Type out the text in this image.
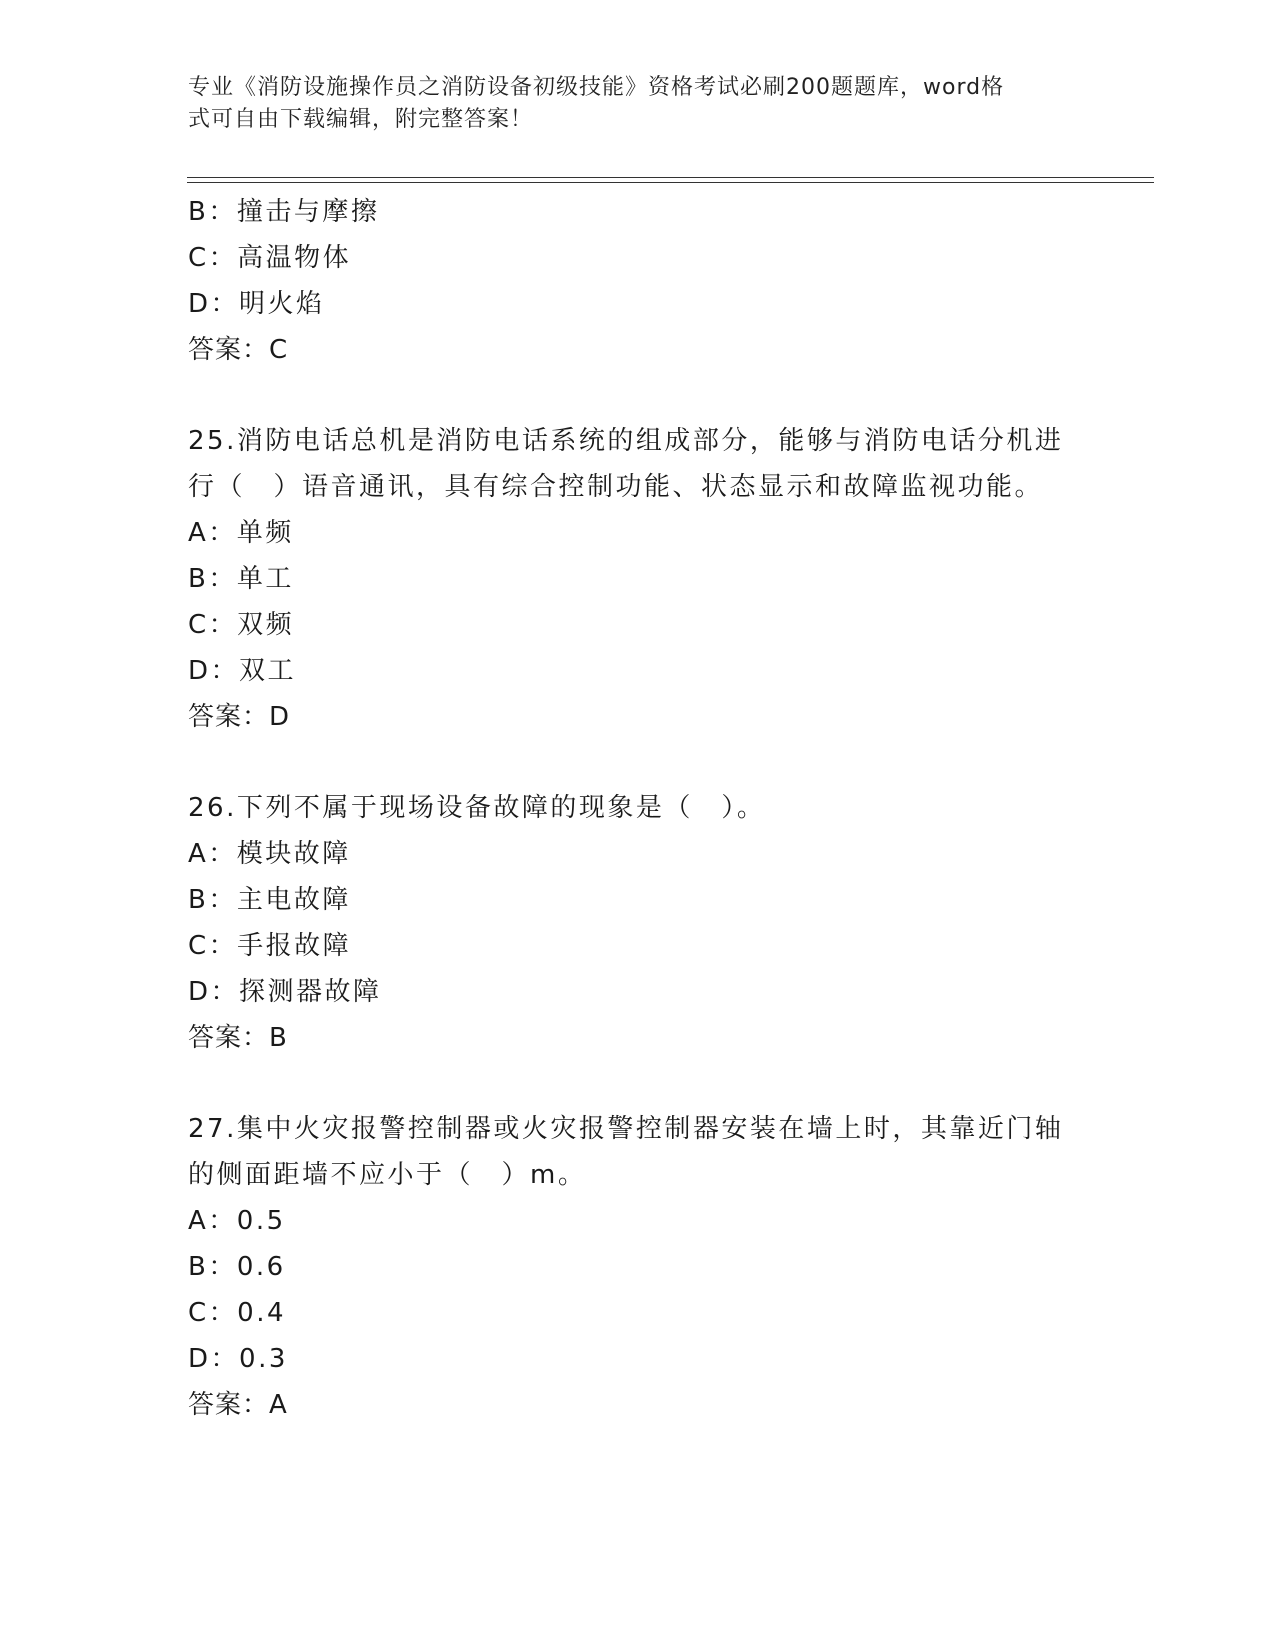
专业《消防设施操作员之消防设备初级技能》资格考试必刷200题题库，word格
式可自由下载编辑，附完整答案！
B：撞击与摩擦
C：高温物体
D：明火焰
答案：C
25.消防电话总机是消防电话系统的组成部分，能够与消防电话分机进
行（　）语音通讯，具有综合控制功能、状态显示和故障监视功能。
A：单频
B：单工
C：双频
D：双工
答案：D
26.下列不属于现场设备故障的现象是（　）。
A：模块故障
B：主电故障
C：手报故障
D：探测器故障
答案：B
27.集中火灾报警控制器或火灾报警控制器安装在墙上时，其靠近门轴
的侧面距墙不应小于（　）m。
A：0.5
B：0.6
C：0.4
D：0.3
答案：A
